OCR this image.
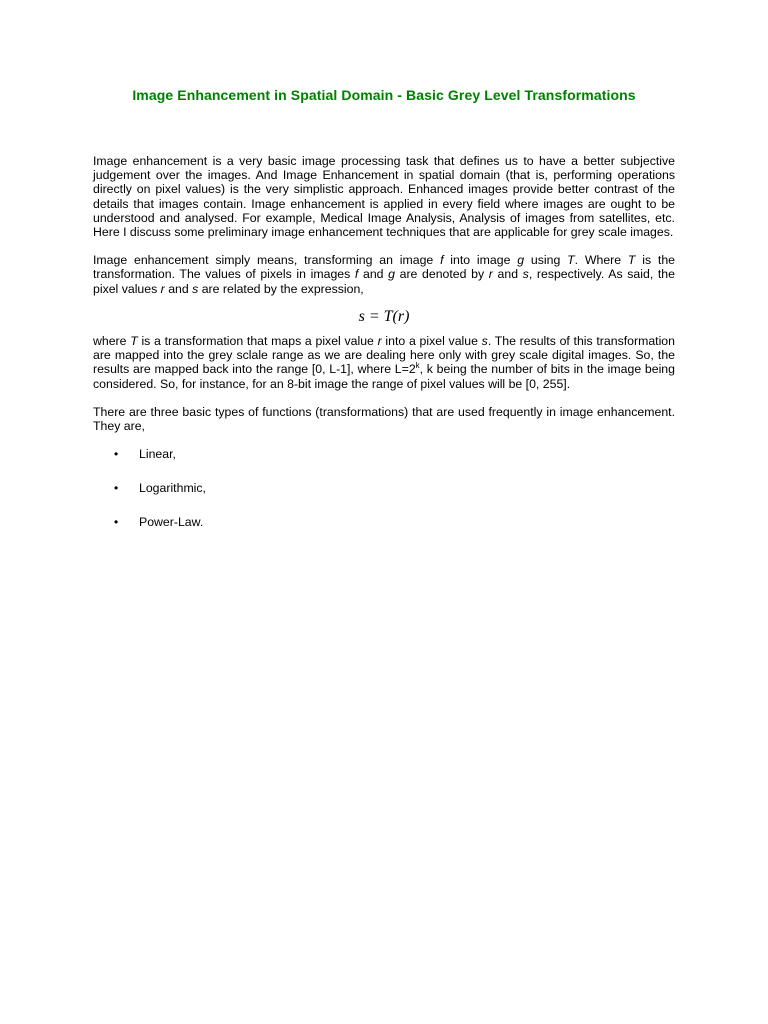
Image Enhancement in Spatial Domain - Basic Grey Level Transformations

Image enhancement is a very basic image processing task that defines us to have a better subjective judgement over the images. And Image Enhancement in spatial domain (that is, performing operations directly on pixel values) is the very simplistic approach. Enhanced images provide better contrast of the details that images contain. Image enhancement is applied in every field where images are ought to be understood and analysed. For example, Medical Image Analysis, Analysis of images from satellites, etc. Here I discuss some preliminary image enhancement techniques that are applicable for grey scale images.

Image enhancement simply means, transforming an image f into image g using T. Where T is the transformation. The values of pixels in images f and g are denoted by r and s, respectively. As said, the pixel values r and s are related by the expression,

s = T(r)

where T is a transformation that maps a pixel value r into a pixel value s. The results of this transformation are mapped into the grey sclale range as we are dealing here only with grey scale digital images. So, the results are mapped back into the range [0, L-1], where $L=2^k$, k being the number of bits in the image being considered. So, for instance, for an 8-bit image the range of pixel values will be [0, 255].

There are three basic types of functions (transformations) that are used frequently in image enhancement. They are,

• Linear,
• Logarithmic,
• Power-Law.
